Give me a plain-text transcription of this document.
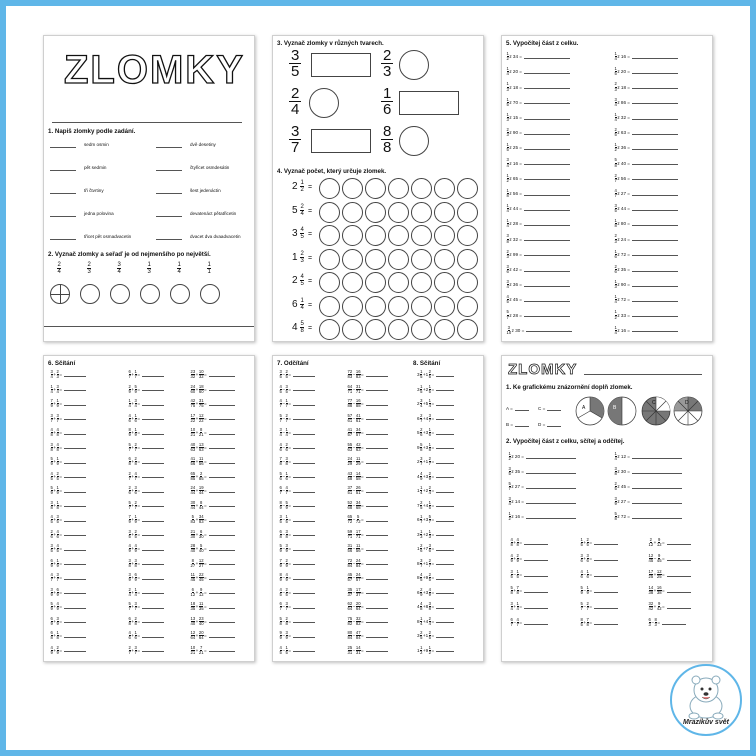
ZLOMKY
1. Napiš zlomky podle zadání.
sedm osmin
pět sedmin
tři čtvrtiny
jedna polovina
třicet pět osmadvacetin
dvě desetiny
čtyřicet osmdesátin
šest jedenáctin
devatenáct pětatřicetin
dvacet dva dvaadvacetin
2. Vyznač zlomky a seřaď je od nejmenšího po největší.
$\frac{2}{4}$	$\frac{2}{3}$	$\frac{3}{4}$	$\frac{1}{3}$	$\frac{1}{4}$	$\frac{1}{1}$
3. Vyznač zlomky v různých tvarech.
$\frac{3}{5}$
$\frac{2}{4}$
$\frac{3}{7}$
$\frac{2}{3}$
$\frac{1}{6}$
$\frac{8}{8}$
4. Vyznač počet, který určuje zlomek.
$2 \frac{1}{2}$ =
$5 \frac{2}{4}$ =
$3 \frac{4}{5}$ =
$1 \frac{2}{3}$ =
$2 \frac{4}{5}$ =
$6 \frac{1}{4}$ =
$4 \frac{5}{8}$ =
5. Vypočítej část z celku.
$\frac{1}{2}$ z 34 =
$\frac{1}{4}$ z 20 =
$\frac{1}{3}$ z 18 =
$\frac{1}{5}$ z 70 =
$\frac{1}{3}$ z 15 =
$\frac{2}{3}$ z 90 =
$\frac{1}{5}$ z 25 =
$\frac{3}{4}$ z 16 =
$\frac{1}{2}$ z 65 =
$\frac{1}{8}$ z 56 =
$\frac{1}{4}$ z 44 =
$\frac{1}{4}$ z 28 =
$\frac{3}{8}$ z 32 =
$\frac{2}{3}$ z 99 =
$\frac{3}{6}$ z 42 =
$\frac{3}{4}$ z 36 =
$\frac{4}{5}$ z 45 =
$\frac{5}{7}$ z 28 =
$\frac{3}{10}$ z 30 =
$\frac{1}{4}$ z 16 =
$\frac{1}{5}$ z 20 =
$\frac{2}{3}$ z 18 =
$\frac{3}{4}$ z 86 =
$\frac{1}{4}$ z 32 =
$\frac{2}{5}$ z 63 =
$\frac{1}{2}$ z 36 =
$\frac{5}{8}$ z 40 =
$\frac{2}{7}$ z 56 =
$\frac{4}{7}$ z 27 =
$\frac{3}{5}$ z 44 =
$\frac{1}{8}$ z 80 =
$\frac{2}{3}$ z 24 =
$\frac{1}{6}$ z 72 =
$\frac{2}{6}$ z 35 =
$\frac{1}{3}$ z 90 =
$\frac{1}{4}$ z 72 =
$\frac{1}{2}$ z 33 =
$\frac{1}{4}$ z 16 =
6. Sčítání
$\frac{3}{4} + \frac{2}{3}$ =
$\frac{1}{4} + \frac{3}{4}$ =
$\frac{7}{9} + \frac{1}{9}$ =
$\frac{3}{7} + \frac{3}{7}$ =
$\frac{4}{8} + \frac{4}{8}$ =
$\frac{3}{8} + \frac{4}{8}$ =
$\frac{5}{9} + \frac{1}{9}$ =
$\frac{4}{5} + \frac{2}{5}$ =
$\frac{5}{9} + \frac{1}{9}$ =
$\frac{3}{8} + \frac{1}{8}$ =
$\frac{4}{5} + \frac{3}{5}$ =
$\frac{2}{6} + \frac{4}{6}$ =
$\frac{3}{5} + \frac{4}{5}$ =
$\frac{6}{9} + \frac{1}{9}$ =
$\frac{4}{7} + \frac{3}{7}$ =
$\frac{3}{9} + \frac{6}{9}$ =
$\frac{5}{9} + \frac{4}{9}$ =
$\frac{6}{9} + \frac{3}{9}$ =
$\frac{6}{8} + \frac{1}{8}$ =
$\frac{4}{9} + \frac{2}{9}$ =
$\frac{6}{7} + \frac{1}{7}$ =
$\frac{2}{9} + \frac{5}{9}$ =
$\frac{1}{4} + \frac{3}{4}$ =
$\frac{4}{6} + \frac{1}{6}$ =
$\frac{8}{9} + \frac{1}{9}$ =
$\frac{5}{7} + \frac{2}{7}$ =
$\frac{6}{8} + \frac{2}{8}$ =
$\frac{2}{7} + \frac{4}{7}$ =
$\frac{2}{6} + \frac{3}{6}$ =
$\frac{5}{7} + \frac{2}{7}$ =
$\frac{7}{9} + \frac{1}{9}$ =
$\frac{3}{5} + \frac{2}{5}$ =
$\frac{4}{9} + \frac{4}{9}$ =
$\frac{3}{8} + \frac{3}{8}$ =
$\frac{3}{9} + \frac{6}{9}$ =
$\frac{2}{4} + \frac{1}{4}$ =
$\frac{5}{7} + \frac{3}{7}$ =
$\frac{6}{8} + \frac{2}{8}$ =
$\frac{4}{6} + \frac{1}{6}$ =
$\frac{2}{7} + \frac{3}{7}$ =
$\frac{23}{32} + \frac{10}{32}$ =
$\frac{24}{60} + \frac{18}{60}$ =
$\frac{42}{75} + \frac{31}{75}$ =
$\frac{17}{22} + \frac{12}{22}$ =
$\frac{10}{21} + \frac{8}{21}$ =
$\frac{40}{63} + \frac{13}{63}$ =
$\frac{41}{56} + \frac{11}{56}$ =
$\frac{65}{85} + \frac{2}{85}$ =
$\frac{24}{44} + \frac{19}{44}$ =
$\frac{30}{44} + \frac{8}{44}$ =
$\frac{5}{83} + \frac{34}{83}$ =
$\frac{21}{30} + \frac{6}{30}$ =
$\frac{28}{40} + \frac{5}{40}$ =
$\frac{8}{27} + \frac{12}{27}$ =
$\frac{11}{45} + \frac{22}{45}$ =
$\frac{6}{12} + \frac{9}{12}$ =
$\frac{18}{35} + \frac{11}{35}$ =
$\frac{13}{40} + \frac{23}{40}$ =
$\frac{12}{64} + \frac{20}{64}$ =
$\frac{10}{21} + \frac{7}{21}$ =
7. Odčítání	8. Sčítání
$\frac{3}{5} - \frac{2}{5}$ =
$\frac{4}{5} - \frac{3}{5}$ =
$\frac{4}{7} - \frac{1}{7}$ =
$\frac{5}{7} - \frac{2}{7}$ =
$\frac{3}{4} - \frac{1}{4}$ =
$\frac{4}{6} - \frac{2}{6}$ =
$\frac{7}{8} - \frac{3}{8}$ =
$\frac{5}{6} - \frac{1}{6}$ =
$\frac{6}{7} - \frac{4}{7}$ =
$\frac{8}{9} - \frac{5}{9}$ =
$\frac{3}{5} - \frac{1}{5}$ =
$\frac{6}{8} - \frac{3}{8}$ =
$\frac{5}{9} - \frac{3}{9}$ =
$\frac{7}{9} - \frac{2}{9}$ =
$\frac{8}{9} - \frac{4}{9}$ =
$\frac{4}{5} - \frac{2}{5}$ =
$\frac{6}{7} - \frac{3}{7}$ =
$\frac{5}{8} - \frac{2}{8}$ =
$\frac{9}{9} - \frac{3}{9}$ =
$\frac{4}{5} - \frac{1}{5}$ =
$\frac{72}{83} - \frac{16}{83}$ =
$\frac{64}{71} - \frac{31}{71}$ =
$\frac{77}{88} - \frac{16}{88}$ =
$\frac{57}{61} - \frac{41}{61}$ =
$\frac{41}{57} - \frac{34}{57}$ =
$\frac{55}{63} - \frac{42}{63}$ =
$\frac{24}{29} - \frac{11}{29}$ =
$\frac{43}{58} - \frac{14}{58}$ =
$\frac{37}{51} - \frac{26}{51}$ =
$\frac{52}{68} - \frac{34}{68}$ =
$\frac{65}{72} - \frac{5}{72}$ =
$\frac{59}{71} - \frac{17}{71}$ =
$\frac{31}{56} - \frac{11}{56}$ =
$\frac{72}{84} - \frac{24}{84}$ =
$\frac{45}{57} - \frac{24}{57}$ =
$\frac{35}{37} - \frac{17}{37}$ =
$\frac{62}{64} - \frac{20}{64}$ =
$\frac{75}{82} - \frac{32}{82}$ =
$\frac{80}{84} - \frac{47}{84}$ =
$\frac{25}{31} - \frac{14}{31}$ =
$3 \frac{1}{5} + 1 \frac{2}{5}$ =
$3 \frac{1}{5} + 2 \frac{1}{5}$ =
$2 \frac{3}{4} + 5 \frac{1}{4}$ =
$6 \frac{2}{7} + 4 \frac{3}{7}$ =
$5 \frac{2}{6} + 3 \frac{1}{6}$ =
$9 \frac{5}{8} + 3 \frac{1}{8}$ =
$2 \frac{3}{7} + 1 \frac{2}{7}$ =
$4 \frac{4}{9} + 3 \frac{2}{9}$ =
$1 \frac{1}{4} + 2 \frac{2}{4}$ =
$7 \frac{2}{5} + 4 \frac{1}{5}$ =
$6 \frac{1}{7} + 3 \frac{5}{7}$ =
$3 \frac{1}{3} + 2 \frac{1}{3}$ =
$1 \frac{2}{6} + 7 \frac{3}{6}$ =
$8 \frac{3}{7} + 1 \frac{2}{7}$ =
$8 \frac{4}{5} + 9 \frac{2}{5}$ =
$6 \frac{2}{9} + 3 \frac{4}{9}$ =
$4 \frac{4}{8} + 8 \frac{3}{8}$ =
$8 \frac{1}{4} + 4 \frac{2}{4}$ =
$3 \frac{2}{5} + 1 \frac{2}{5}$ =
$1 \frac{1}{2} + 9 \frac{1}{2}$ =
ZLOMKY
1. Ke grafickému znázornění doplň zlomek.
A =	C =
B =	D =
A	B
C	D
2. Vypočítej část z celku, sčítej a odčítej.
$\frac{1}{2}$ z 20 =
$\frac{3}{5}$ z 35 =
$\frac{5}{7}$ z 27 =
$\frac{3}{4}$ z 14 =
$\frac{1}{2}$ z 16 =
$\frac{1}{4}$ z 12 =
$\frac{3}{8}$ z 30 =
$\frac{2}{5}$ z 45 =
$\frac{3}{9}$ z 27 =
$\frac{5}{8}$ z 72 =
$\frac{4}{8} + \frac{4}{8}$ =
$\frac{4}{9} + \frac{2}{9}$ =
$\frac{3}{5} - \frac{1}{5}$ =
$\frac{5}{8} + \frac{7}{8}$ =
$\frac{3}{4} + \frac{1}{4}$ =
$\frac{6}{7} - \frac{4}{7}$ =
$\frac{1}{5} + \frac{2}{5}$ =
$\frac{3}{6} + \frac{3}{6}$ =
$\frac{4}{6} - \frac{1}{6}$ =
$\frac{5}{9} - \frac{1}{9}$ =
$\frac{5}{7} - \frac{2}{7}$ =
$\frac{8}{5} + \frac{7}{8}$ =
$\frac{2}{12} + \frac{9}{12}$ =
$\frac{12}{45} - \frac{9}{45}$ =
$\frac{17}{25} + \frac{12}{25}$ =
$\frac{14}{38} + \frac{16}{38}$ =
$\frac{32}{42} + \frac{9}{42}$ =
$\frac{6}{3} - \frac{8}{3}$ =
Mrazíkův svět
